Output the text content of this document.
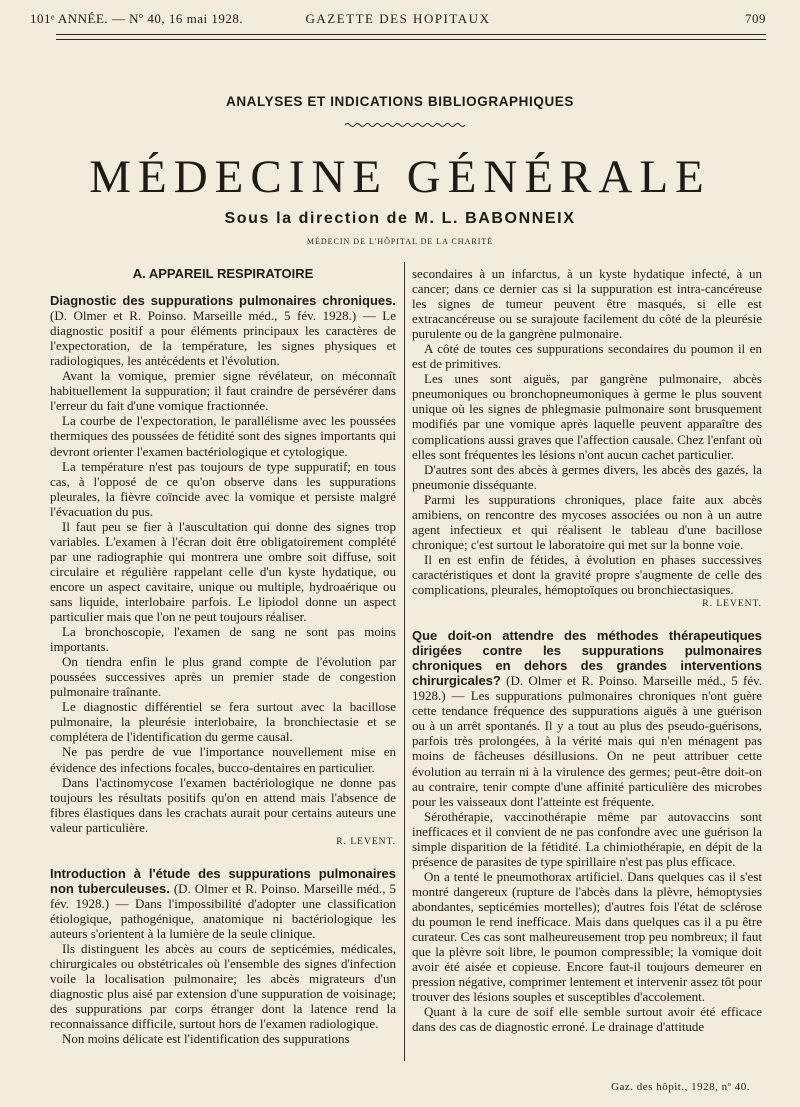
101ᵉ ANNÉE. — Nº 40, 16 mai 1928.	GAZETTE DES HOPITAUX	709
ANALYSES ET INDICATIONS BIBLIOGRAPHIQUES
MÉDECINE GÉNÉRALE
Sous la direction de M. L. BABONNEIX
MÉDECIN DE L'HÔPITAL DE LA CHARITÉ
A. APPAREIL RESPIRATOIRE

Diagnostic des suppurations pulmonaires chroniques. (D. Olmer et R. Poinso. Marseille méd., 5 fév. 1928.) — Le diagnostic positif a pour éléments principaux les caractères de l'expectoration, de la température, les signes physiques et radiologiques, les antécédents et l'évolution.

Avant la vomique, premier signe révélateur, on méconnaît habituellement la suppuration; il faut craindre de persévérer dans l'erreur du fait d'une vomique fractionnée.

La courbe de l'expectoration, le parallélisme avec les poussées thermiques des poussées de fétidité sont des signes importants qui devront orienter l'examen bactériologique et cytologique.

La température n'est pas toujours de type suppuratif; en tous cas, à l'opposé de ce qu'on observe dans les suppurations pleurales, la fièvre coïncide avec la vomique et persiste malgré l'évacuation du pus.

Il faut peu se fier à l'auscultation qui donne des signes trop variables. L'examen à l'écran doit être obligatoirement complété par une radiographie qui montrera une ombre soit diffuse, soit circulaire et régulière rappelant celle d'un kyste hydatique, ou encore un aspect cavitaire, unique ou multiple, hydroaérique ou sans liquide, interlobaire parfois. Le lipiodol donne un aspect particulier mais que l'on ne peut toujours réaliser.

La bronchoscopie, l'examen de sang ne sont pas moins importants.

On tiendra enfin le plus grand compte de l'évolution par poussées successives après un premier stade de congestion pulmonaire traînante.

Le diagnostic différentiel se fera surtout avec la bacillose pulmonaire, la pleurésie interlobaire, la bronchiectasie et se complétera de l'identification du germe causal.

Ne pas perdre de vue l'importance nouvellement mise en évidence des infections focales, bucco-dentaires en particulier.

Dans l'actinomycose l'examen bactériologique ne donne pas toujours les résultats positifs qu'on en attend mais l'absence de fibres élastiques dans les crachats aurait pour certains auteurs une valeur particulière.

R. LEVENT.

Introduction à l'étude des suppurations pulmonaires non tuberculeuses. (D. Olmer et R. Poinso. Marseille méd., 5 fév. 1928.) — Dans l'impossibilité d'adopter une classification étiologique, pathogénique, anatomique ni bactériologique les auteurs s'orientent à la lumière de la seule clinique.

Ils distinguent les abcès au cours de septicémies, médicales, chirurgicales ou obstétricales où l'ensemble des signes d'infection voile la localisation pulmonaire; les abcès migrateurs d'un diagnostic plus aisé par extension d'une suppuration de voisinage; des suppurations par corps étranger dont la latence rend la reconnaissance difficile, surtout hors de l'examen radiologique.

Non moins délicate est l'identification des suppurations

secondaires à un infarctus, à un kyste hydatique infecté, à un cancer; dans ce dernier cas si la suppuration est intra-cancéreuse les signes de tumeur peuvent être masqués, si elle est extracancéreuse ou se surajoute facilement du côté de la pleurésie purulente ou de la gangrène pulmonaire.

A côté de toutes ces suppurations secondaires du poumon il en est de primitives.

Les unes sont aiguës, par gangrène pulmonaire, abcès pneumoniques ou bronchopneumoniques à germe le plus souvent unique où les signes de phlegmasie pulmonaire sont brusquement modifiés par une vomique après laquelle peuvent apparaître des complications aussi graves que l'affection causale. Chez l'enfant où elles sont fréquentes les lésions n'ont aucun cachet particulier.

D'autres sont des abcès à germes divers, les abcès des gazés, la pneumonie disséquante.

Parmi les suppurations chroniques, place faite aux abcès amibiens, on rencontre des mycoses associées ou non à un autre agent infectieux et qui réalisent le tableau d'une bacillose chronique; c'est surtout le laboratoire qui met sur la bonne voie.

Il en est enfin de fétides, à évolution en phases successives caractéristiques et dont la gravité propre s'augmente de celle des complications, pleurales, hémoptoïques ou bronchiectasiques.

R. LEVENT.

Que doit-on attendre des méthodes thérapeutiques dirigées contre les suppurations pulmonaires chroniques en dehors des grandes interventions chirurgicales? (D. Olmer et R. Poinso. Marseille méd., 5 fév. 1928.) — Les suppurations pulmonaires chroniques n'ont guère cette tendance fréquence des suppurations aiguës à une guérison ou à un arrêt spontanés. Il y a tout au plus des pseudo-guérisons, parfois très prolongées, à la vérité mais qui n'en ménagent pas moins de fâcheuses désillusions. On ne peut attribuer cette évolution au terrain ni à la virulence des germes; peut-être doit-on au contraire, tenir compte d'une affinité particulière des microbes pour les vaisseaux dont l'atteinte est fréquente.

Sérothérapie, vaccinothérapie même par autovaccins sont inefficaces et il convient de ne pas confondre avec une guérison la simple disparition de la fétidité. La chimiothérapie, en dépit de la présence de parasites de type spirillaire n'est pas plus efficace.

On a tenté le pneumothorax artificiel. Dans quelques cas il s'est montré dangereux (rupture de l'abcès dans la plèvre, hémoptysies abondantes, septicémies mortelles); d'autres fois l'état de sclérose du poumon le rend inefficace. Mais dans quelques cas il a pu être curateur. Ces cas sont malheureusement trop peu nombreux; il faut que la plèvre soit libre, le poumon compressible; la vomique doit avoir été aisée et copieuse. Encore faut-il toujours demeurer en pression négative, comprimer lentement et intervenir assez tôt pour trouver des lésions souples et susceptibles d'accolement.

Quant à la cure de soif elle semble surtout avoir été efficace dans des cas de diagnostic erroné. Le drainage d'attitude

Gaz. des hôpit., 1928, nº 40.
